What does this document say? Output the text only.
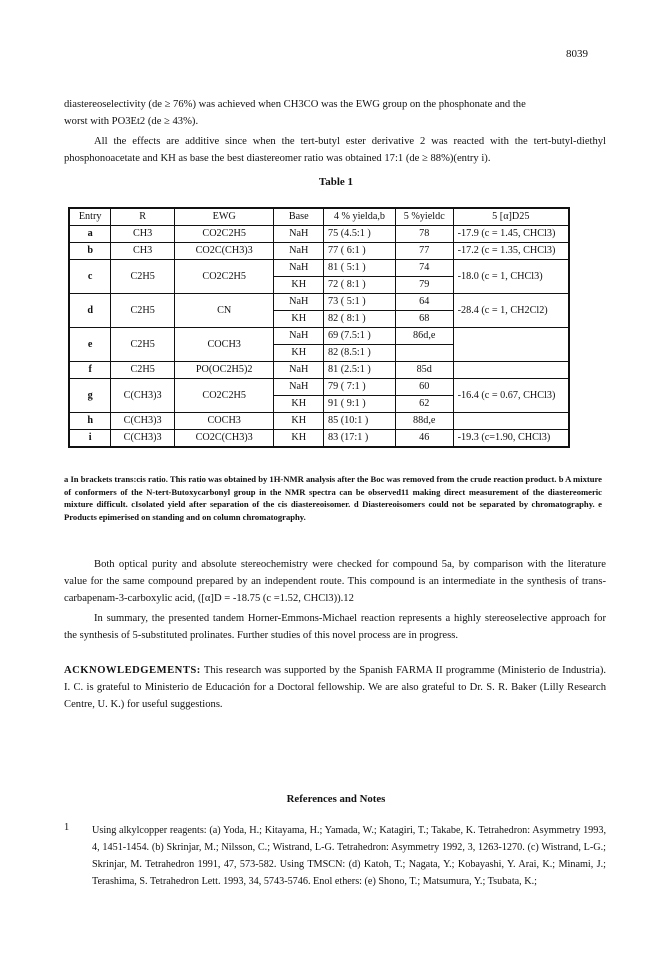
8039
diastereoselectivity (de ≥ 76%) was achieved when CH3CO was the EWG group on the phosphonate and the
worst with PO3Et2 (de ≥ 43%).
All the effects are additive since when the tert-butyl ester derivative 2 was reacted with the tert-butyl-diethyl phosphonoacetate and KH as base the best diastereomer ratio was obtained 17:1 (de ≥ 88%)(entry i).
Table 1
Entry	R	EWG	Base	4 % yielda,b	5 %yieldc	5 [α]D25
a	CH3	CO2C2H5	NaH	75 (4.5:1 )	78	-17.9 (c = 1.45, CHCl3)
b	CH3	CO2C(CH3)3	NaH	77 ( 6:1 )	77	-17.2 (c = 1.35, CHCl3)
c	C2H5	CO2C2H5	NaH	81 ( 5:1 )	74	-18.0 (c = 1, CHCl3)
			KH	72 ( 8:1 )	79	
d	C2H5	CN	NaH	73 ( 5:1 )	64	-28.4 (c = 1, CH2Cl2)
			KH	82 ( 8:1 )	68	
e	C2H5	COCH3	NaH	69 (7.5:1 )	86d,e	
			KH	82 (8.5:1 )		
f	C2H5	PO(OC2H5)2	NaH	81 (2.5:1 )	85d	
g	C(CH3)3	CO2C2H5	NaH	79 ( 7:1 )	60	-16.4 (c = 0.67, CHCl3)
			KH	91 ( 9:1 )	62	
h	C(CH3)3	COCH3	KH	85 (10:1 )	88d,e	
i	C(CH3)3	CO2C(CH3)3	KH	83 (17:1 )	46	-19.3 (c=1.90, CHCl3)
a In brackets trans:cis ratio. This ratio was obtained by 1H-NMR analysis after the Boc was removed from the crude reaction product. b A mixture of conformers of the N-tert-Butoxycarbonyl group in the NMR spectra can be observed11 making direct measurement of the diastereomeric mixture difficult. cIsolated yield after separation of the cis diastereoisomer. d Diastereoisomers could not be separated by chromatography. e Products epimerised on standing and on column chromatography.
Both optical purity and absolute stereochemistry were checked for compound 5a, by comparison with the literature value for the same compound prepared by an independent route. This compound is an intermediate in the synthesis of trans-carbapenam-3-carboxylic acid, ([α]D = -18.75 (c =1.52, CHCl3)).12
In summary, the presented tandem Horner-Emmons-Michael reaction represents a highly stereoselective approach for the synthesis of 5-substituted prolinates. Further studies of this novel process are in progress.
ACKNOWLEDGEMENTS: This research was supported by the Spanish FARMA II programme (Ministerio de Industria). I. C. is grateful to Ministerio de Educación for a Doctoral fellowship. We are also grateful to Dr. S. R. Baker (Lilly Research Centre, U. K.) for useful suggestions.
References and Notes
1 Using alkylcopper reagents: (a) Yoda, H.; Kitayama, H.; Yamada, W.; Katagiri, T.; Takabe, K. Tetrahedron: Asymmetry 1993, 4, 1451-1454. (b) Skrinjar, M.; Nilsson, C.; Wistrand, L-G. Tetrahedron: Asymmetry 1992, 3, 1263-1270. (c) Wistrand, L-G.; Skrinjar, M. Tetrahedron 1991, 47, 573-582. Using TMSCN: (d) Katoh, T.; Nagata, Y.; Kobayashi, Y. Arai, K.; Minami, J.; Terashima, S. Tetrahedron Lett. 1993, 34, 5743-5746. Enol ethers: (e) Shono, T.; Matsumura, Y.; Tsubata, K.;
